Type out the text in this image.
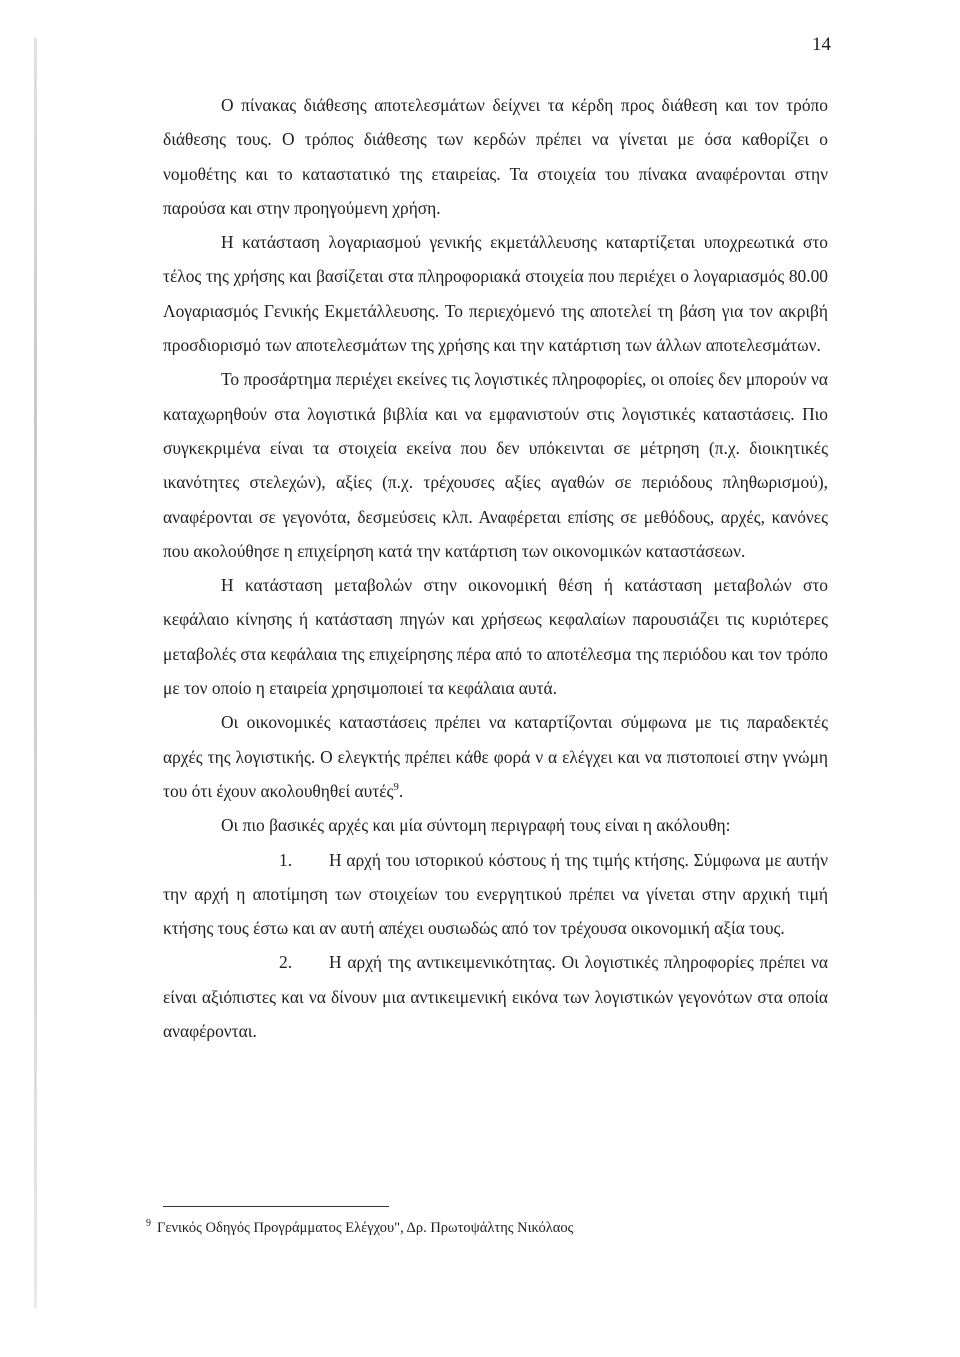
14

Ο πίνακας διάθεσης αποτελεσμάτων δείχνει τα κέρδη προς διάθεση και τον τρόπο διάθεσης τους. Ο τρόπος διάθεσης των κερδών πρέπει να γίνεται με όσα καθορίζει ο νομοθέτης και το καταστατικό της εταιρείας. Τα στοιχεία του πίνακα αναφέρονται στην παρούσα και στην προηγούμενη χρήση.

Η κατάσταση λογαριασμού γενικής εκμετάλλευσης καταρτίζεται υποχρεωτικά στο τέλος της χρήσης και βασίζεται στα πληροφοριακά στοιχεία που περιέχει ο λογαριασμός 80.00 Λογαριασμός Γενικής Εκμετάλλευσης. Το περιεχόμενό της αποτελεί τη βάση για τον ακριβή προσδιορισμό των αποτελεσμάτων της χρήσης και την κατάρτιση των άλλων αποτελεσμάτων.

Το προσάρτημα περιέχει εκείνες τις λογιστικές πληροφορίες, οι οποίες δεν μπορούν να καταχωρηθούν στα λογιστικά βιβλία και να εμφανιστούν στις λογιστικές καταστάσεις. Πιο συγκεκριμένα είναι τα στοιχεία εκείνα που δεν υπόκεινται σε μέτρηση (π.χ. διοικητικές ικανότητες στελεχών), αξίες (π.χ. τρέχουσες αξίες αγαθών σε περιόδους πληθωρισμού), αναφέρονται σε γεγονότα, δεσμεύσεις κλπ. Αναφέρεται επίσης σε μεθόδους, αρχές, κανόνες που ακολούθησε η επιχείρηση κατά την κατάρτιση των οικονομικών καταστάσεων.

Η κατάσταση μεταβολών στην οικονομική θέση ή κατάσταση μεταβολών στο κεφάλαιο κίνησης ή κατάσταση πηγών και χρήσεως κεφαλαίων παρουσιάζει τις κυριότερες μεταβολές στα κεφάλαια της επιχείρησης πέρα από το αποτέλεσμα της περιόδου και τον τρόπο με τον οποίο η εταιρεία χρησιμοποιεί τα κεφάλαια αυτά.

Οι οικονομικές καταστάσεις πρέπει να καταρτίζονται σύμφωνα με τις παραδεκτές αρχές της λογιστικής. Ο ελεγκτής πρέπει κάθε φορά ν α ελέγχει και να πιστοποιεί στην γνώμη του ότι έχουν ακολουθηθεί αυτές$^9$.

Οι πιο βασικές αρχές και μία σύντομη περιγραφή τους είναι η ακόλουθη:

1. Η αρχή του ιστορικού κόστους ή της τιμής κτήσης. Σύμφωνα με αυτήν την αρχή η αποτίμηση των στοιχείων του ενεργητικού πρέπει να γίνεται στην αρχική τιμή κτήσης τους έστω και αν αυτή απέχει ουσιωδώς από τον τρέχουσα οικονομική αξία τους.

2. Η αρχή της αντικειμενικότητας. Οι λογιστικές πληροφορίες πρέπει να είναι αξιόπιστες και να δίνουν μια αντικειμενική εικόνα των λογιστικών γεγονότων στα οποία αναφέρονται.

$^9$ Γενικός Οδηγός Προγράμματος Ελέγχου", Δρ. Πρωτοψάλτης Νικόλαος
